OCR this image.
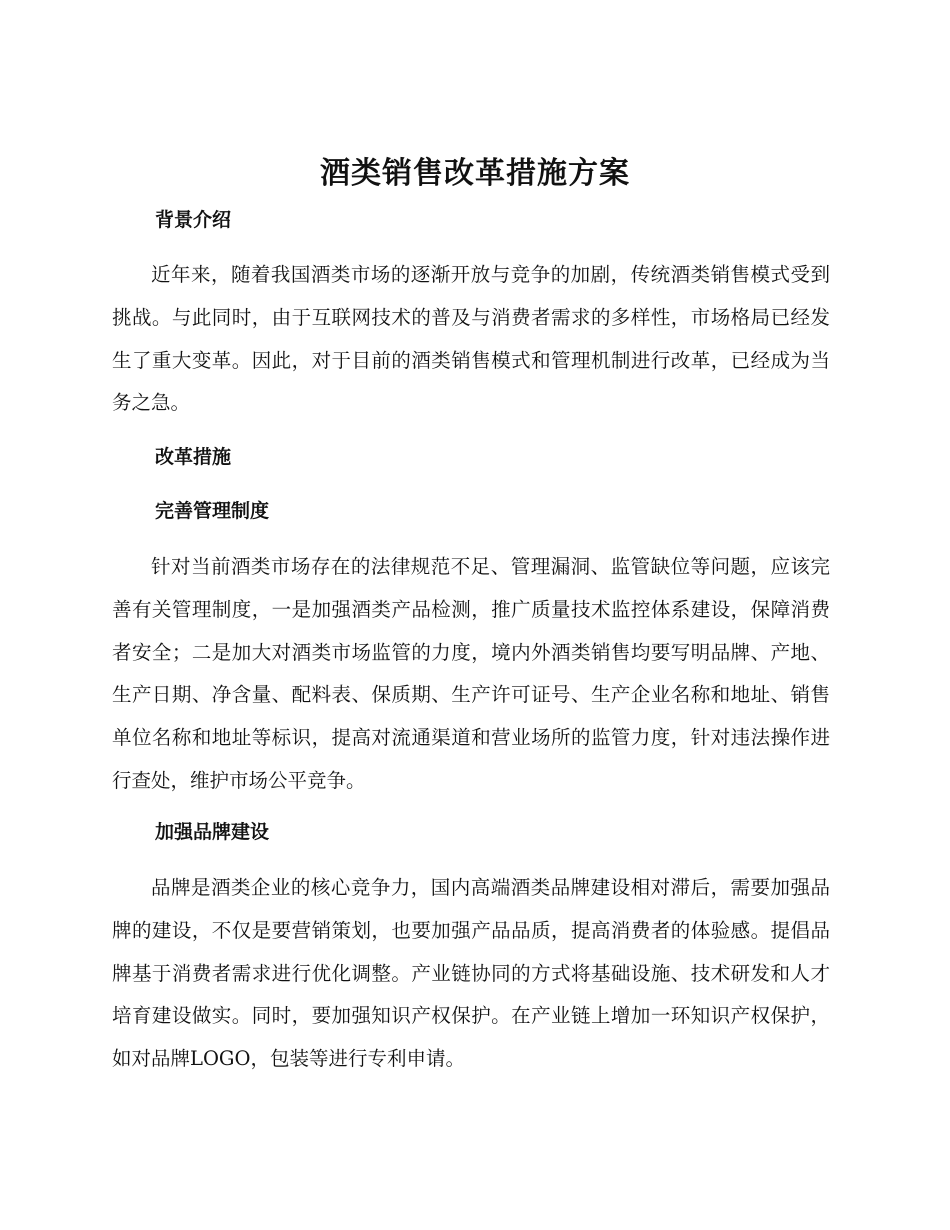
酒类销售改革措施方案
背景介绍

近年来，随着我国酒类市场的逐渐开放与竞争的加剧，传统酒类销售模式受到挑战。与此同时，由于互联网技术的普及与消费者需求的多样性，市场格局已经发生了重大变革。因此，对于目前的酒类销售模式和管理机制进行改革，已经成为当务之急。

改革措施
完善管理制度

针对当前酒类市场存在的法律规范不足、管理漏洞、监管缺位等问题，应该完善有关管理制度，一是加强酒类产品检测，推广质量技术监控体系建设，保障消费者安全；二是加大对酒类市场监管的力度，境内外酒类销售均要写明品牌、产地、生产日期、净含量、配料表、保质期、生产许可证号、生产企业名称和地址、销售单位名称和地址等标识，提高对流通渠道和营业场所的监管力度，针对违法操作进行查处，维护市场公平竞争。

加强品牌建设

品牌是酒类企业的核心竞争力，国内高端酒类品牌建设相对滞后，需要加强品牌的建设，不仅是要营销策划，也要加强产品品质，提高消费者的体验感。提倡品牌基于消费者需求进行优化调整。产业链协同的方式将基础设施、技术研发和人才培育建设做实。同时，要加强知识产权保护。在产业链上增加一环知识产权保护，如对品牌LOGO，包装等进行专利申请。
